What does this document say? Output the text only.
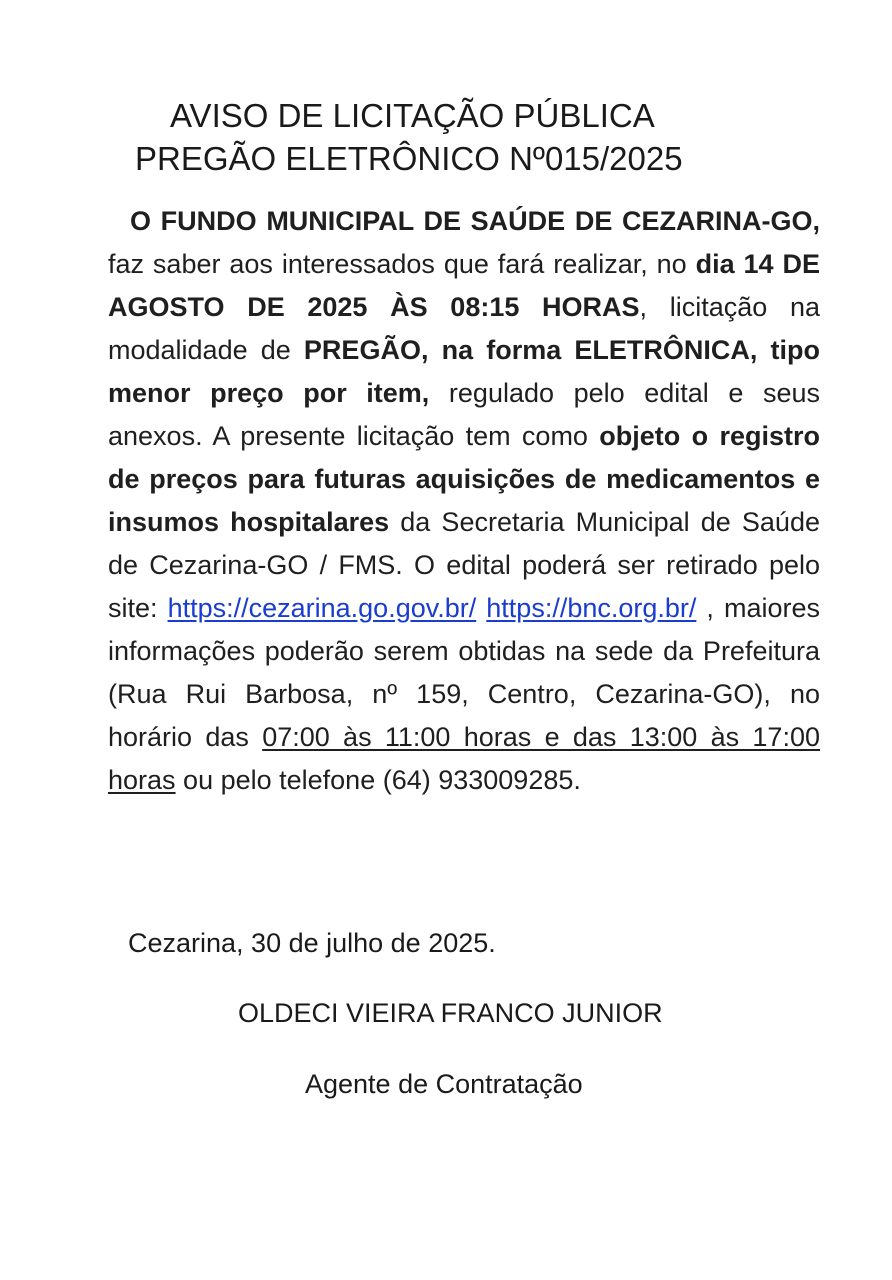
AVISO DE LICITAÇÃO PÚBLICA
PREGÃO ELETRÔNICO Nº015/2025
O FUNDO MUNICIPAL DE SAÚDE DE CEZARINA-GO, faz saber aos interessados que fará realizar, no dia 14 DE AGOSTO DE 2025 ÀS 08:15 HORAS, licitação na modalidade de PREGÃO, na forma ELETRÔNICA, tipo menor preço por item, regulado pelo edital e seus anexos. A presente licitação tem como objeto o registro de preços para futuras aquisições de medicamentos e insumos hospitalares da Secretaria Municipal de Saúde de Cezarina-GO / FMS. O edital poderá ser retirado pelo site: https://cezarina.go.gov.br/ https://bnc.org.br/ , maiores informações poderão serem obtidas na sede da Prefeitura (Rua Rui Barbosa, nº 159, Centro, Cezarina-GO), no horário das 07:00 às 11:00 horas e das 13:00 às 17:00 horas ou pelo telefone (64) 933009285.
Cezarina, 30 de julho de 2025.
OLDECI VIEIRA FRANCO JUNIOR
Agente de Contratação
